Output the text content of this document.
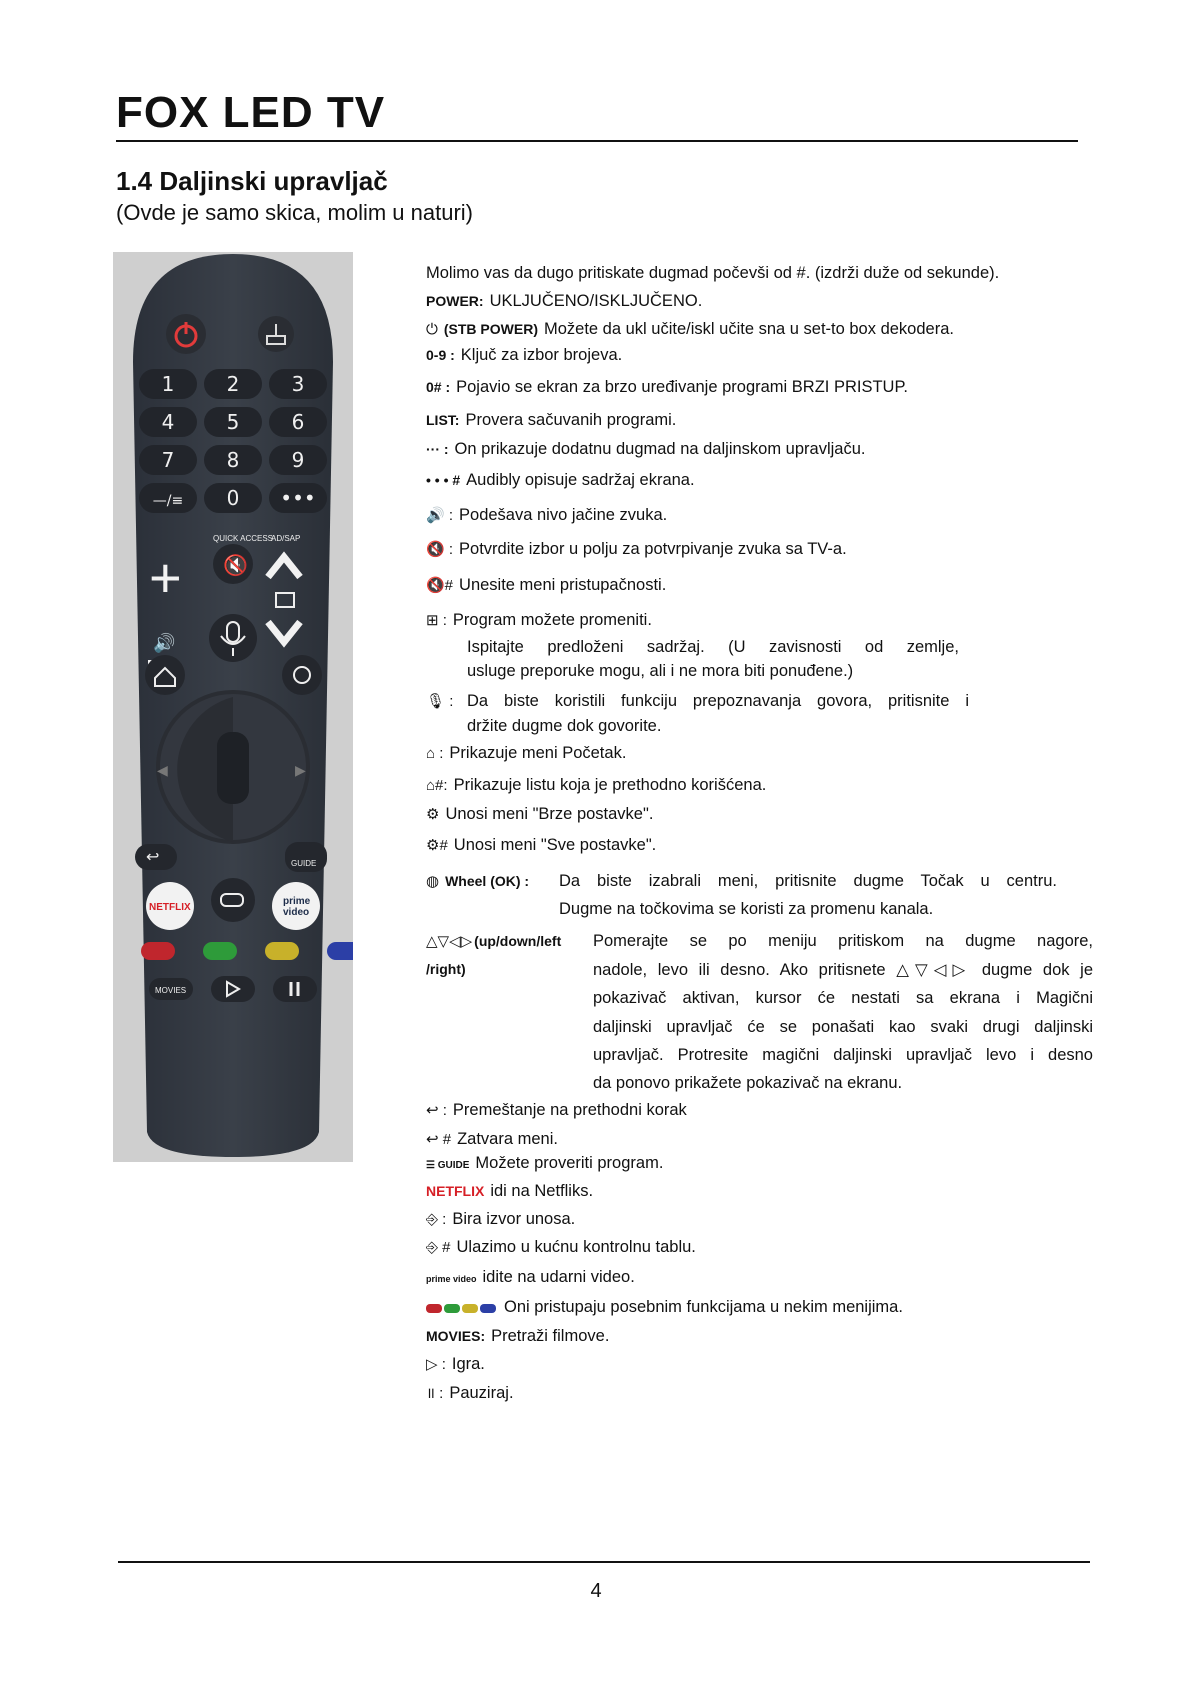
FOX LED TV
1.4 Daljinski upravljač
(Ovde je samo skica, molim u naturi)
1	2	3
4	5	6
7	8	9
—/≡ 0 •••
QUICK ACCESS
AD/SAP
+
🔊
🔇
◀	▶
↩	GUIDE
NETFLIX
prime
video
MOVIES
Molimo vas da dugo pritiskate dugmad počevši od #. (izdrži duže od sekunde).
POWER: UKLJUČENO/ISKLJUČENO.
⏻ (STB POWER) Možete da ukl učite/iskl učite sna u set-to box dekodera.
0-9 : Ključ za izbor brojeva.
0# : Pojavio se ekran za brzo uređivanje programi BRZI PRISTUP.
LIST: Provera sačuvanih programi.
··· : On prikazuje dodatnu dugmad na daljinskom upravljaču.
• • • # Audibly opisuje sadržaj ekrana.
🔊 : Podešava nivo jačine zvuka.
🔇 : Potvrdite izbor u polju za potvrpivanje zvuka sa TV-a.
🔇# Unesite meni pristupačnosti.
⊞ : Program možete promeniti.
Ispitajte predloženi sadržaj. (U zavisnosti od zemlje,
usluge preporuke mogu, ali i ne mora biti ponuđene.)
🎙 : Da biste koristili funkciju prepoznavanja govora, pritisnite i
držite dugme dok govorite.
⌂ : Prikazuje meni Početak.
⌂#: Prikazuje listu koja je prethodno korišćena.
⚙ Unosi meni "Brze postavke".
⚙# Unosi meni "Sve postavke".
◍ Wheel (OK) :	Da biste izabrali meni, pritisnite dugme Točak u centru.
Dugme na točkovima se koristi za promenu kanala.
△▽◁▷ (up/down/left
/right)
Pomerajte se po meniju pritiskom na dugme nagore,
nadole, levo ili desno. Ako pritisnete △▽◁▷ dugme dok je
pokazivač aktivan, kursor će nestati sa ekrana i Magični
daljinski upravljač će se ponašati kao svaki drugi daljinski
upravljač. Protresite magični daljinski upravljač levo i desno
da ponovo prikažete pokazivač na ekranu.
↩ : Premeštanje na prethodni korak
↩ # Zatvara meni.
☰ GUIDE Možete proveriti program.
NETFLIX idi na Netfliks.
⎆ : Bira izvor unosa.
⎆ # Ulazimo u kućnu kontrolnu tablu.
prime video idite na udarni video.
Oni pristupaju posebnim funkcijama u nekim menijima.
MOVIES: Pretraži filmove.
▷ : Igra.
॥ : Pauziraj.
4
